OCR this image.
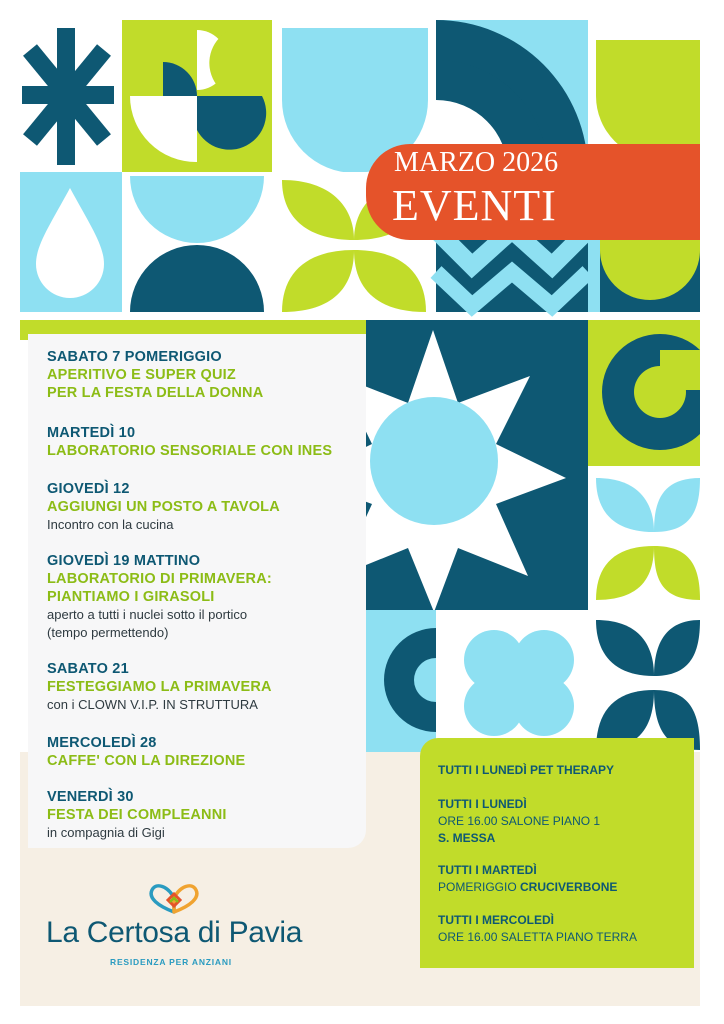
MARZO 2026
EVENTI
SABATO 7 POMERIGGIO
APERITIVO E SUPER QUIZ
PER LA FESTA DELLA DONNA
MARTEDÌ 10
LABORATORIO SENSORIALE CON INES
GIOVEDÌ 12
AGGIUNGI UN POSTO A TAVOLA
Incontro con la cucina
GIOVEDÌ 19 MATTINO
LABORATORIO DI PRIMAVERA:
PIANTIAMO I GIRASOLI
aperto a tutti i nuclei sotto il portico
(tempo permettendo)
SABATO 21
FESTEGGIAMO LA PRIMAVERA
con i CLOWN V.I.P. IN STRUTTURA
MERCOLEDÌ 28
CAFFE' CON LA DIREZIONE
VENERDÌ 30
FESTA DEI COMPLEANNI
in compagnia di Gigi
TUTTI I LUNEDÌ PET THERAPY
TUTTI I LUNEDÌ
ORE 16.00 SALONE PIANO 1
S. MESSA
TUTTI I MARTEDÌ
POMERIGGIO CRUCIVERBONE
TUTTI I MERCOLEDÌ
ORE 16.00 SALETTA PIANO TERRA
La Certosa di Pavia
RESIDENZA PER ANZIANI
